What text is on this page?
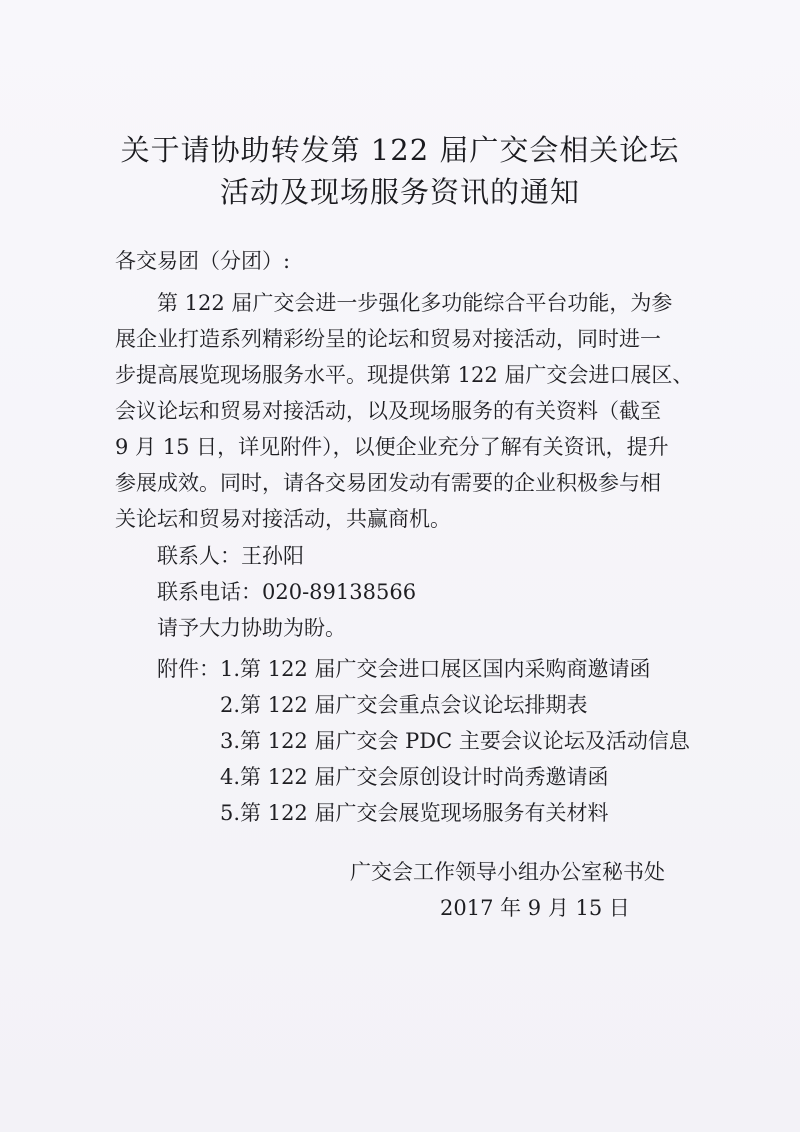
关于请协助转发第 122 届广交会相关论坛
活动及现场服务资讯的通知
各交易团（分团）:
第 122 届广交会进一步强化多功能综合平台功能，为参
展企业打造系列精彩纷呈的论坛和贸易对接活动，同时进一
步提高展览现场服务水平。现提供第 122 届广交会进口展区、
会议论坛和贸易对接活动，以及现场服务的有关资料（截至
9 月 15 日，详见附件），以便企业充分了解有关资讯，提升
参展成效。同时，请各交易团发动有需要的企业积极参与相
关论坛和贸易对接活动，共赢商机。
联系人：王孙阳
联系电话：020-89138566
请予大力协助为盼。
附件： 1.第 122 届广交会进口展区国内采购商邀请函
2.第 122 届广交会重点会议论坛排期表
3.第 122 届广交会 PDC 主要会议论坛及活动信息
4.第 122 届广交会原创设计时尚秀邀请函
5.第 122 届广交会展览现场服务有关材料
广交会工作领导小组办公室秘书处
2017 年 9 月 15 日
